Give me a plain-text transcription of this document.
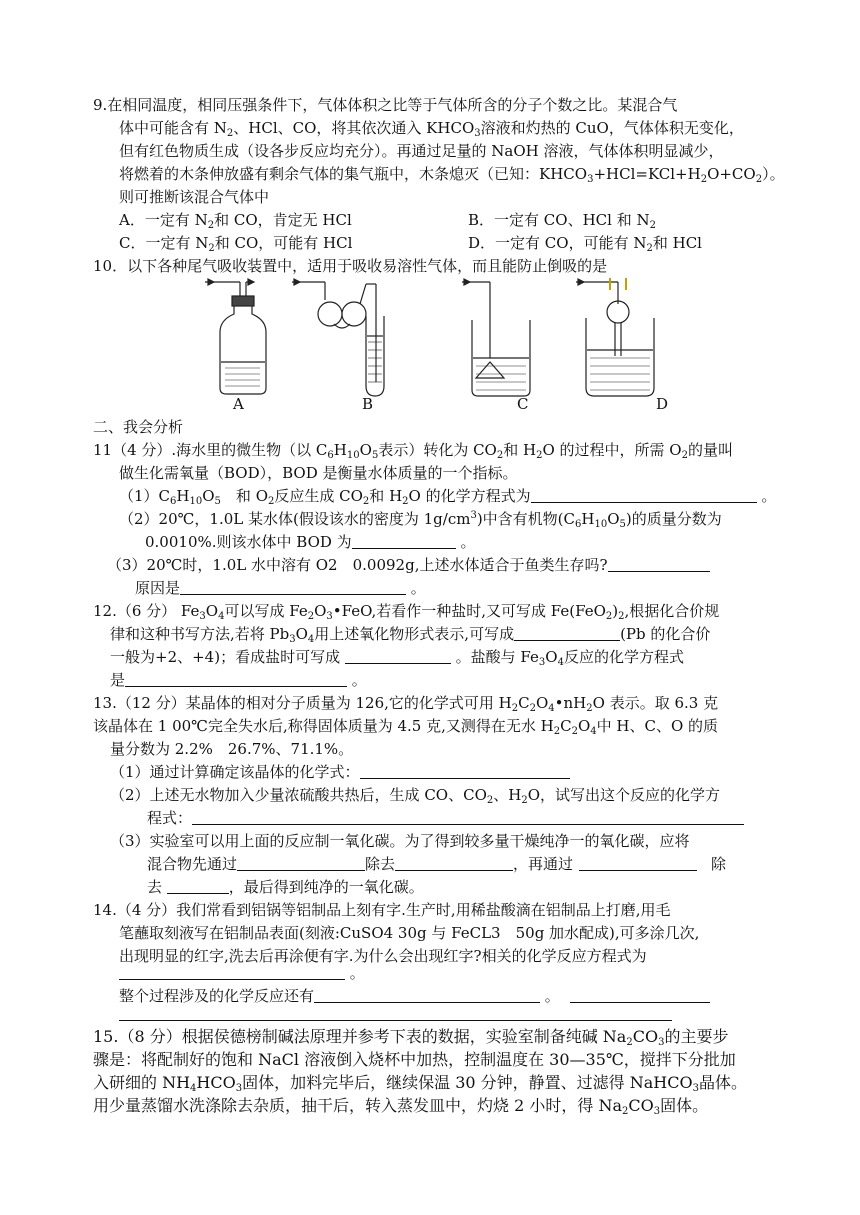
9.在相同温度，相同压强条件下，气体体积之比等于气体所含的分子个数之比。某混合气
体中可能含有 $N_2$、HCl、CO，将其依次通入 $KHCO_3$溶液和灼热的 CuO，气体体积无变化，
但有红色物质生成（设各步反应均充分）。再通过足量的 NaOH 溶液，气体体积明显减少，
将燃着的木条伸放盛有剩余气体的集气瓶中，木条熄灭（已知：$KHCO_3+HCl=KCl+H_2O+CO_2$）。
则可推断该混合气体中
A．一定有 $N_2$和 CO，肯定无 HCl	B．一定有 CO、HCl 和 $N_2$
C．一定有 $N_2$和 CO，可能有 HCl	D．一定有 CO，可能有 $N_2$和 HCl
10．以下各种尾气吸收装置中，适用于吸收易溶性气体，而且能防止倒吸的是
A	B	C	D
二、我会分析
11（4 分）.海水里的微生物（以 $C_6H_{10}O_5$表示）转化为 $CO_2$和 $H_2O$ 的过程中，所需 $O_2$的量叫
做生化需氧量（BOD），BOD 是衡量水体质量的一个指标。
$(1)C_6H_{10}O_5$　和 $O_2$反应生成 $CO_2$和 $H_2O$ 的化学方程式为	。
（2）20℃，1.0L 某水体(假设该水的密度为 $1g/cm^3$)中含有机物$(C_6H_{10}O_5)$的质量分数为
0.0010%.则该水体中 BOD 为	。
（3）20℃时，1.0L 水中溶有 O2　0.0092g,上述水体适合于鱼类生存吗?
原因是	。
12.（6 分） $Fe_3O_4$可以写成 $Fe_2O_3•FeO$,若看作一种盐时,又可写成 $Fe(FeO_2)_2$,根据化合价规
律和这种书写方法,若将 $Pb_3O_4$用上述氧化物形式表示,可写成	(Pb 的化合价
一般为+2、+4)；看成盐时可写成	。盐酸与 $Fe_3O_4$反应的化学方程式
是	。
13.（12 分）某晶体的相对分子质量为 126,它的化学式可用 $H_2C_2O_4•nH_2O$ 表示。取 6.3 克
该晶体在 1 00℃完全失水后,称得固体质量为 4.5 克,又测得在无水 $H_2C_2O_4$中 H、C、O 的质
量分数为 2.2%　26.7%、71.1%。
（1）通过计算确定该晶体的化学式：
（2）上述无水物加入少量浓硫酸共热后，生成 CO、$CO_2$、$H_2O$，试写出这个反应的化学方
程式：
（3）实验室可以用上面的反应制一氧化碳。为了得到较多量干燥纯净一的氧化碳，应将
混合物先通过	除去	，再通过	除
去	，最后得到纯净的一氧化碳。
14.（4 分）我们常看到铝锅等铝制品上刻有字.生产时,用稀盐酸滴在铝制品上打磨,用毛
笔蘸取刻液写在铝制品表面(刻液:CuSO4 30g 与 FeCL3　50g 加水配成),可多涂几次,
出现明显的红字,洗去后再涂便有字.为什么会出现红字?相关的化学反应方程式为
。
整个过程涉及的化学反应还有	。
15.（8 分）根据侯德榜制碱法原理并参考下表的数据，实验室制备纯碱 $Na_2CO_3$的主要步
骤是：将配制好的饱和 NaCl 溶液倒入烧杯中加热，控制温度在 30—35℃，搅拌下分批加
入研细的 $NH_4HCO_3$固体，加料完毕后，继续保温 30 分钟，静置、过滤得 NaHCO$_3$晶体。
用少量蒸馏水洗涤除去杂质，抽干后，转入蒸发皿中，灼烧 2 小时，得 $Na_2CO_3$固体。
